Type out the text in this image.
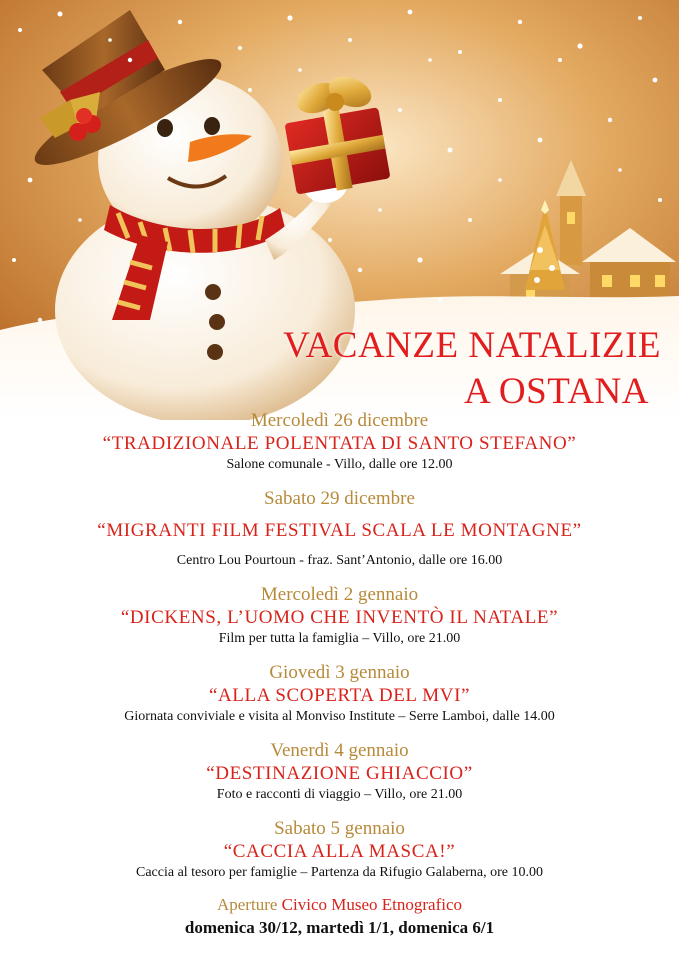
VACANZE NATALIZIE
A OSTANA
Mercoledì 26 dicembre
“TRADIZIONALE POLENTATA DI SANTO STEFANO”
Salone comunale - Villo, dalle ore 12.00
Sabato 29 dicembre
“MIGRANTI FILM FESTIVAL SCALA LE MONTAGNE”
Centro Lou Pourtoun - fraz. Sant’Antonio, dalle ore 16.00
Mercoledì 2 gennaio
“DICKENS, L’UOMO CHE INVENTÒ IL NATALE”
Film per tutta la famiglia – Villo, ore 21.00
Giovedì 3 gennaio
“ALLA SCOPERTA DEL MVI”
Giornata conviviale e visita al Monviso Institute – Serre Lamboi, dalle 14.00
Venerdì 4 gennaio
“DESTINAZIONE GHIACCIO”
Foto e racconti di viaggio – Villo, ore 21.00
Sabato 5 gennaio
“CACCIA ALLA MASCA!”
Caccia al tesoro per famiglie – Partenza da Rifugio Galaberna, ore 10.00
Aperture Civico Museo Etnografico
domenica 30/12, martedì 1/1, domenica 6/1
